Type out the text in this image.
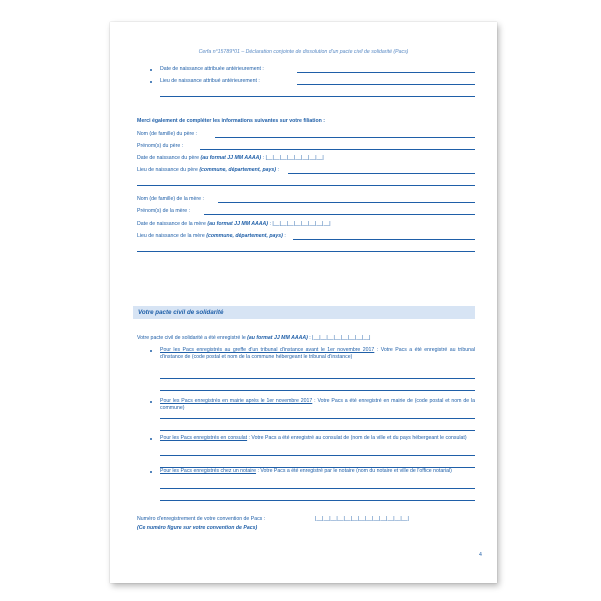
Cerfa n°15789*01 – Déclaration conjointe de dissolution d'un pacte civil de solidarité (Pacs)
Date de naissance attribuée antérieurement :
Lieu de naissance attribué antérieurement :
Merci également de compléter les informations suivantes sur votre filiation :
Nom (de famille) du père :
Prénom(s) du père :
Date de naissance du père (au format JJ MM AAAA) : |__|__|__|__|__|__|__|__|
Lieu de naissance du père (commune, département, pays) :
Nom (de famille) de la mère :
Prénom(s) de la mère :
Date de naissance de la mère (au format JJ MM AAAA) : |__|__|__|__|__|__|__|__|
Lieu de naissance de la mère (commune, département, pays) :
Votre pacte civil de solidarité
Votre pacte civil de solidarité a été enregistré le (au format JJ MM AAAA) : |__|__|__|__|__|__|__|__|
Pour les Pacs enregistrés au greffe d'un tribunal d'instance avant le 1er novembre 2017 : Votre Pacs a été enregistré au tribunal d'instance de (code postal et nom de la commune hébergeant le tribunal d'instance)
Pour les Pacs enregistrés en mairie après le 1er novembre 2017 : Votre Pacs a été enregistré en mairie de (code postal et nom de la commune)
Pour les Pacs enregistrés en consulat : Votre Pacs a été enregistré au consulat de (nom de la ville et du pays hébergeant le consulat)
Pour les Pacs enregistrés chez un notaire : Votre Pacs a été enregistré par le notaire (nom du notaire et ville de l'office notarial)
Numéro d'enregistrement de votre convention de Pacs :	|__|__|__|__|__|__|__|__|__|__|__|__|__|
(Ce numéro figure sur votre convention de Pacs)
4
